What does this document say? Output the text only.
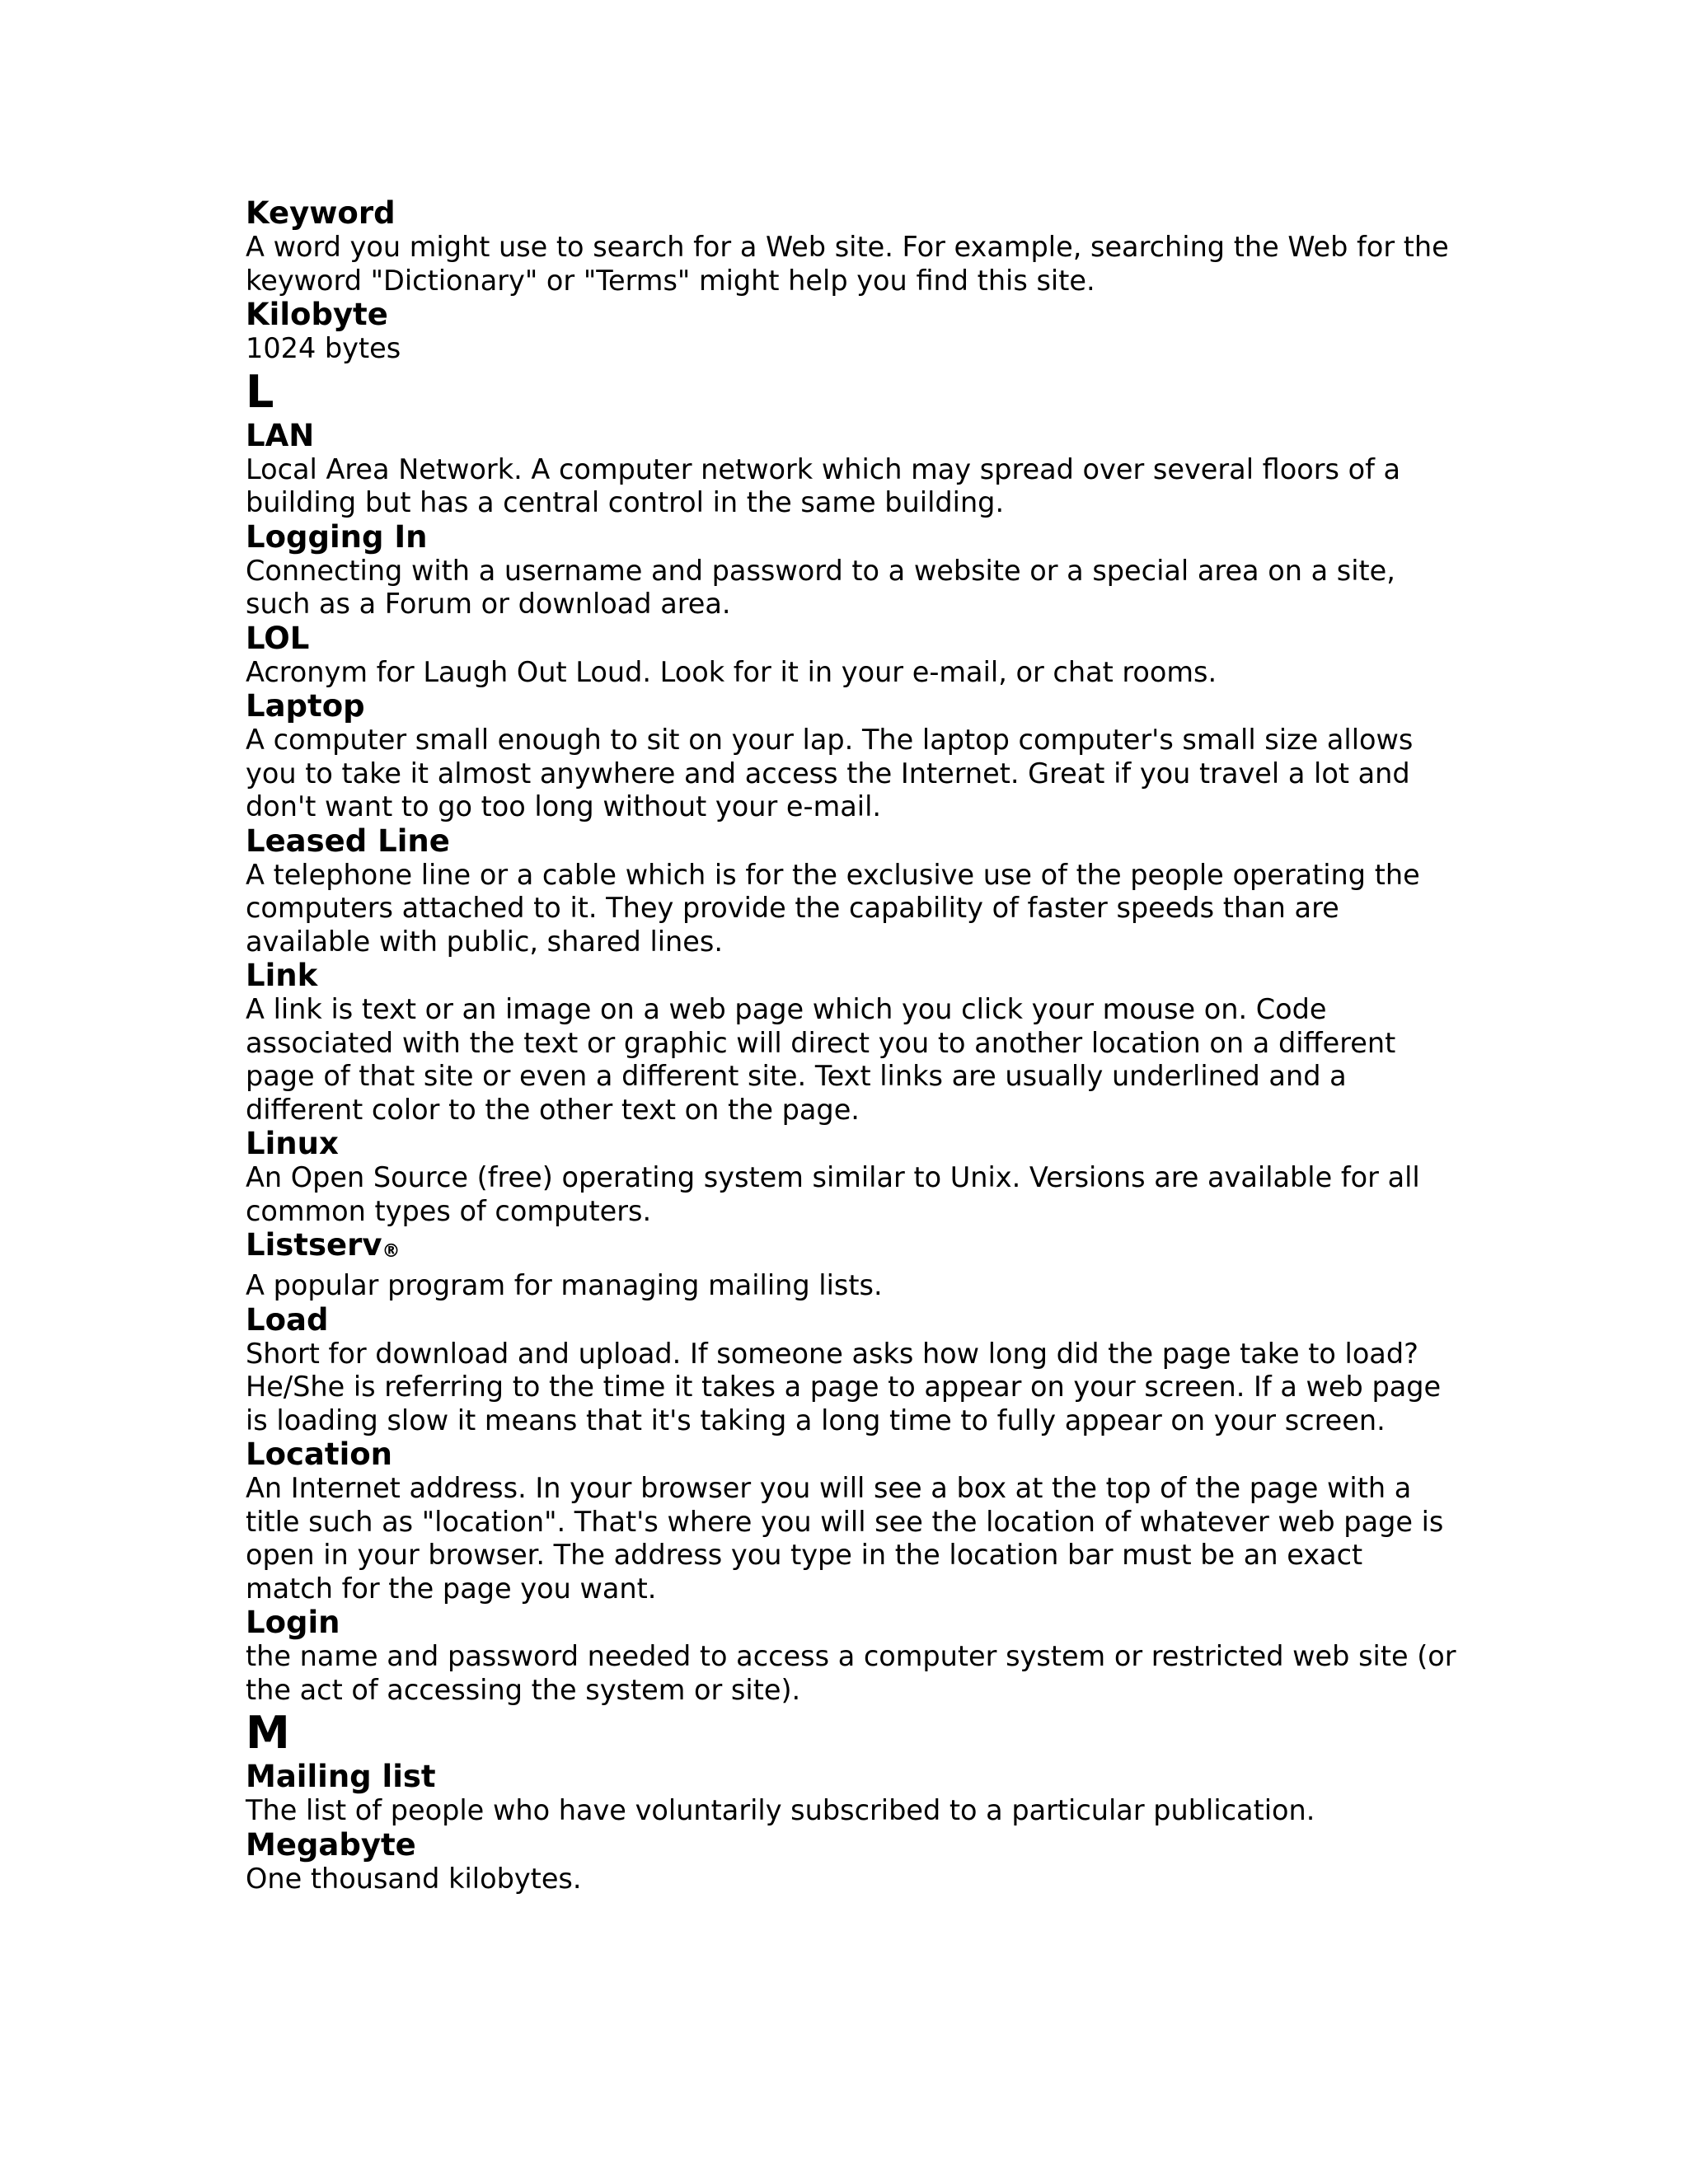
Keyword
A word you might use to search for a Web site. For example, searching the Web for the keyword "Dictionary" or "Terms" might help you find this site.
Kilobyte
1024 bytes
L
LAN
Local Area Network. A computer network which may spread over several floors of a building but has a central control in the same building.
Logging In
Connecting with a username and password to a website or a special area on a site, such as a Forum or download area.
LOL
Acronym for Laugh Out Loud. Look for it in your e-mail, or chat rooms.
Laptop
A computer small enough to sit on your lap. The laptop computer's small size allows you to take it almost anywhere and access the Internet. Great if you travel a lot and don't want to go too long without your e-mail.
Leased Line
A telephone line or a cable which is for the exclusive use of the people operating the computers attached to it. They provide the capability of faster speeds than are available with public, shared lines.
Link
A link is text or an image on a web page which you click your mouse on. Code associated with the text or graphic will direct you to another location on a different page of that site or even a different site. Text links are usually underlined and a different color to the other text on the page.
Linux
An Open Source (free) operating system similar to Unix. Versions are available for all common types of computers.
Listserv®
A popular program for managing mailing lists.
Load
Short for download and upload. If someone asks how long did the page take to load? He/She is referring to the time it takes a page to appear on your screen. If a web page is loading slow it means that it's taking a long time to fully appear on your screen.
Location
An Internet address. In your browser you will see a box at the top of the page with a title such as "location". That's where you will see the location of whatever web page is open in your browser. The address you type in the location bar must be an exact match for the page you want.
Login
the name and password needed to access a computer system or restricted web site (or the act of accessing the system or site).
M
Mailing list
The list of people who have voluntarily subscribed to a particular publication.
Megabyte
One thousand kilobytes.
